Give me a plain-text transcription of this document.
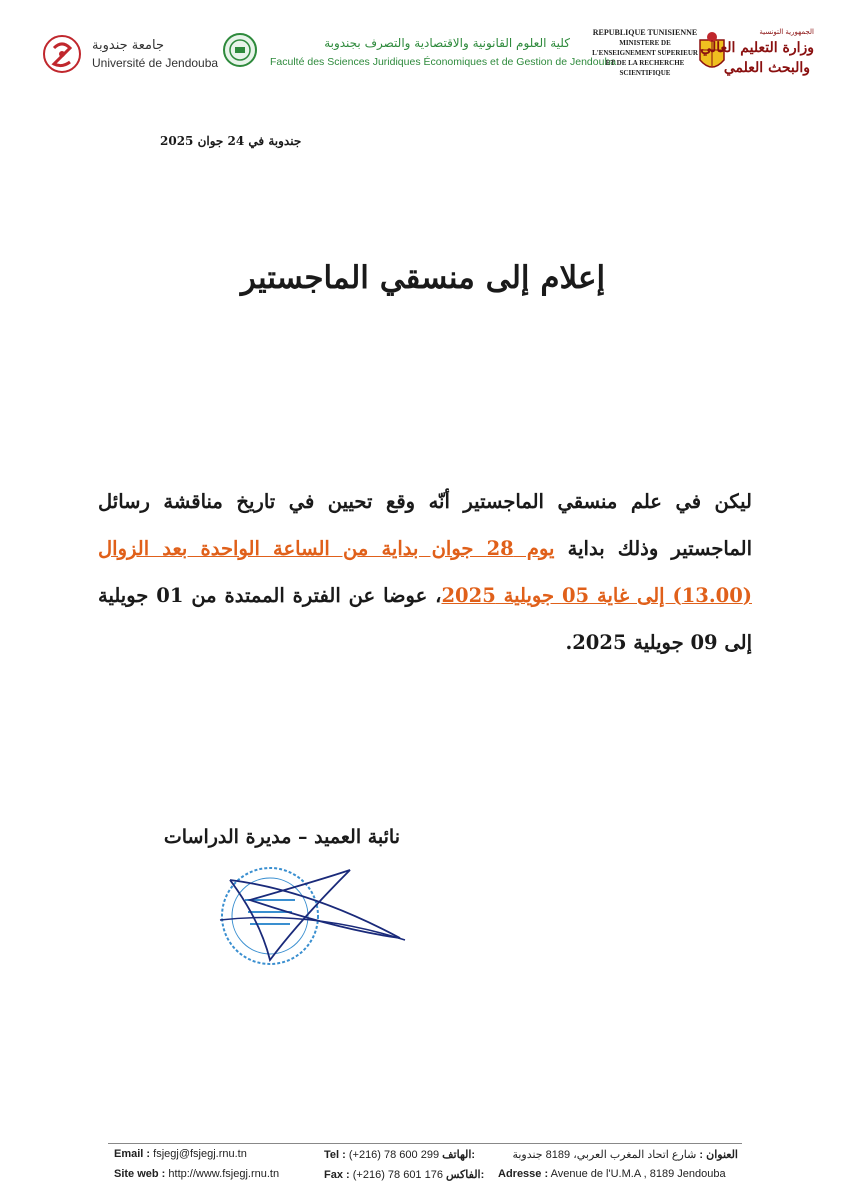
جامعة جندوبة
Université de Jendouba
كلية العلوم القانونية والاقتصادية والتصرف بجندوبة
Faculté des Sciences Juridiques Économiques et de Gestion de Jendouba
REPUBLIQUE TUNISIENNE
MINISTERE DE
L'ENSEIGNEMENT SUPERIEUR
ET DE LA RECHERCHE
SCIENTIFIQUE
الجمهورية التونسية
وزارة التعليم العالي
والبحث العلمي
جندوبة في 24 جوان 2025
إعلام إلى منسقي الماجستير
ليكن في علم منسقي الماجستير أنّه وقع تحيين في تاريخ مناقشة رسائل الماجستير وذلك بداية يوم 28 جوان بداية من الساعة الواحدة بعد الزوال (13.00) إلى غاية 05 جويلية 2025، عوضا عن الفترة الممتدة من 01 جويلية إلى 09 جويلية 2025.
نائبة العميد – مديرة الدراسات
Email : fsjegj@fsjegj.rnu.tn
Site web : http://www.fsjegj.rnu.tn
Tel : (+216) 78 600 299 الهاتف:
Fax : (+216) 78 601 176 الفاكس:
العنوان : شارع اتحاد المغرب العربي، 8189 جندوبة
Adresse : Avenue de l'U.M.A , 8189 Jendouba
